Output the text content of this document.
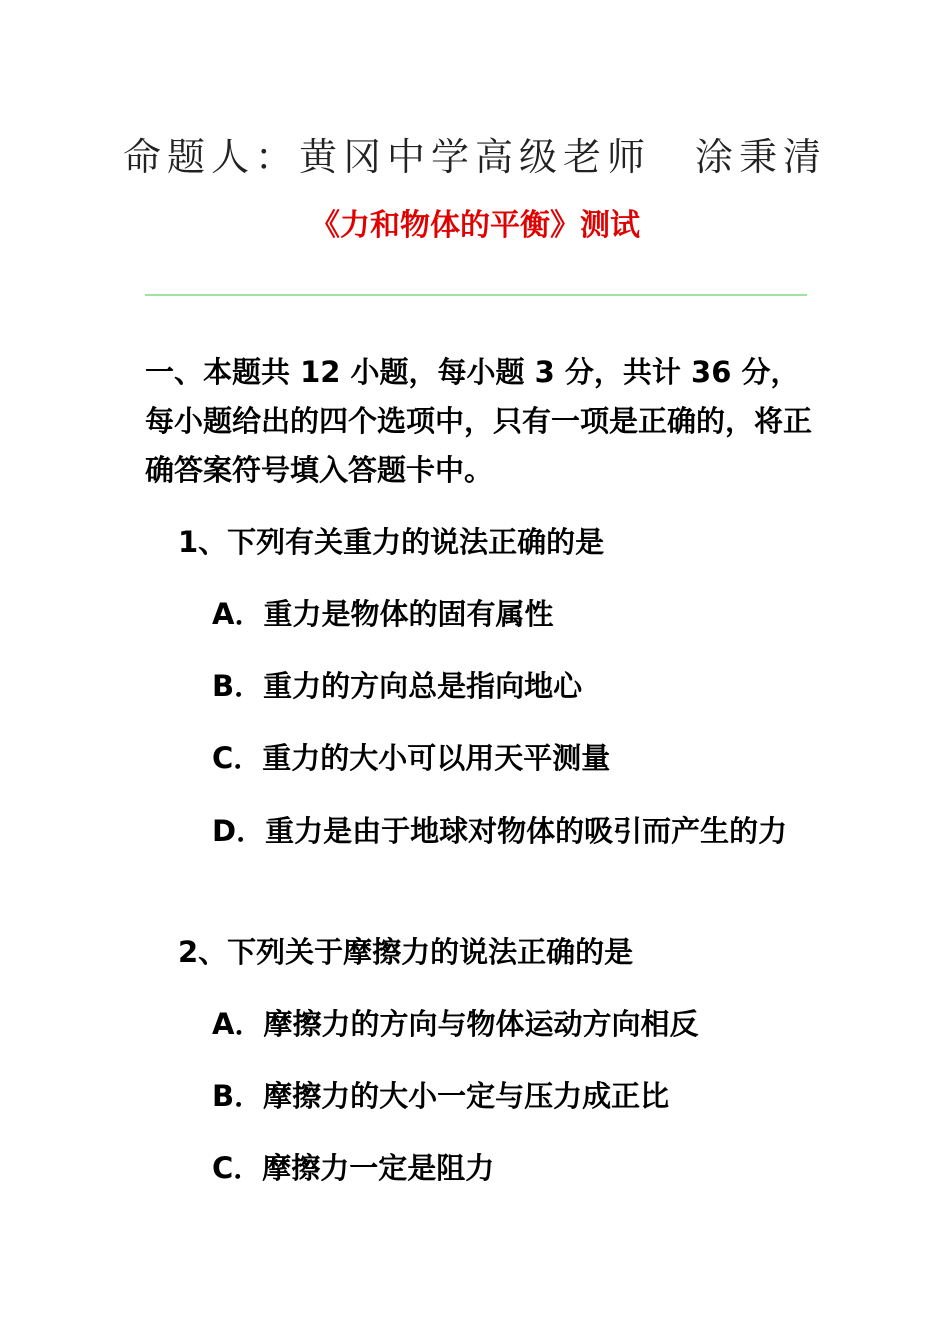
命题人：黄冈中学高级老师　涂秉清
《力和物体的平衡》测试
一、本题共 12 小题，每小题 3 分，共计 36 分，每小题给出的四个选项中，只有一项是正确的，将正确答案符号填入答题卡中。
1、下列有关重力的说法正确的是
A．重力是物体的固有属性
B．重力的方向总是指向地心
C．重力的大小可以用天平测量
D．重力是由于地球对物体的吸引而产生的力
2、下列关于摩擦力的说法正确的是
A．摩擦力的方向与物体运动方向相反
B．摩擦力的大小一定与压力成正比
C．摩擦力一定是阻力
